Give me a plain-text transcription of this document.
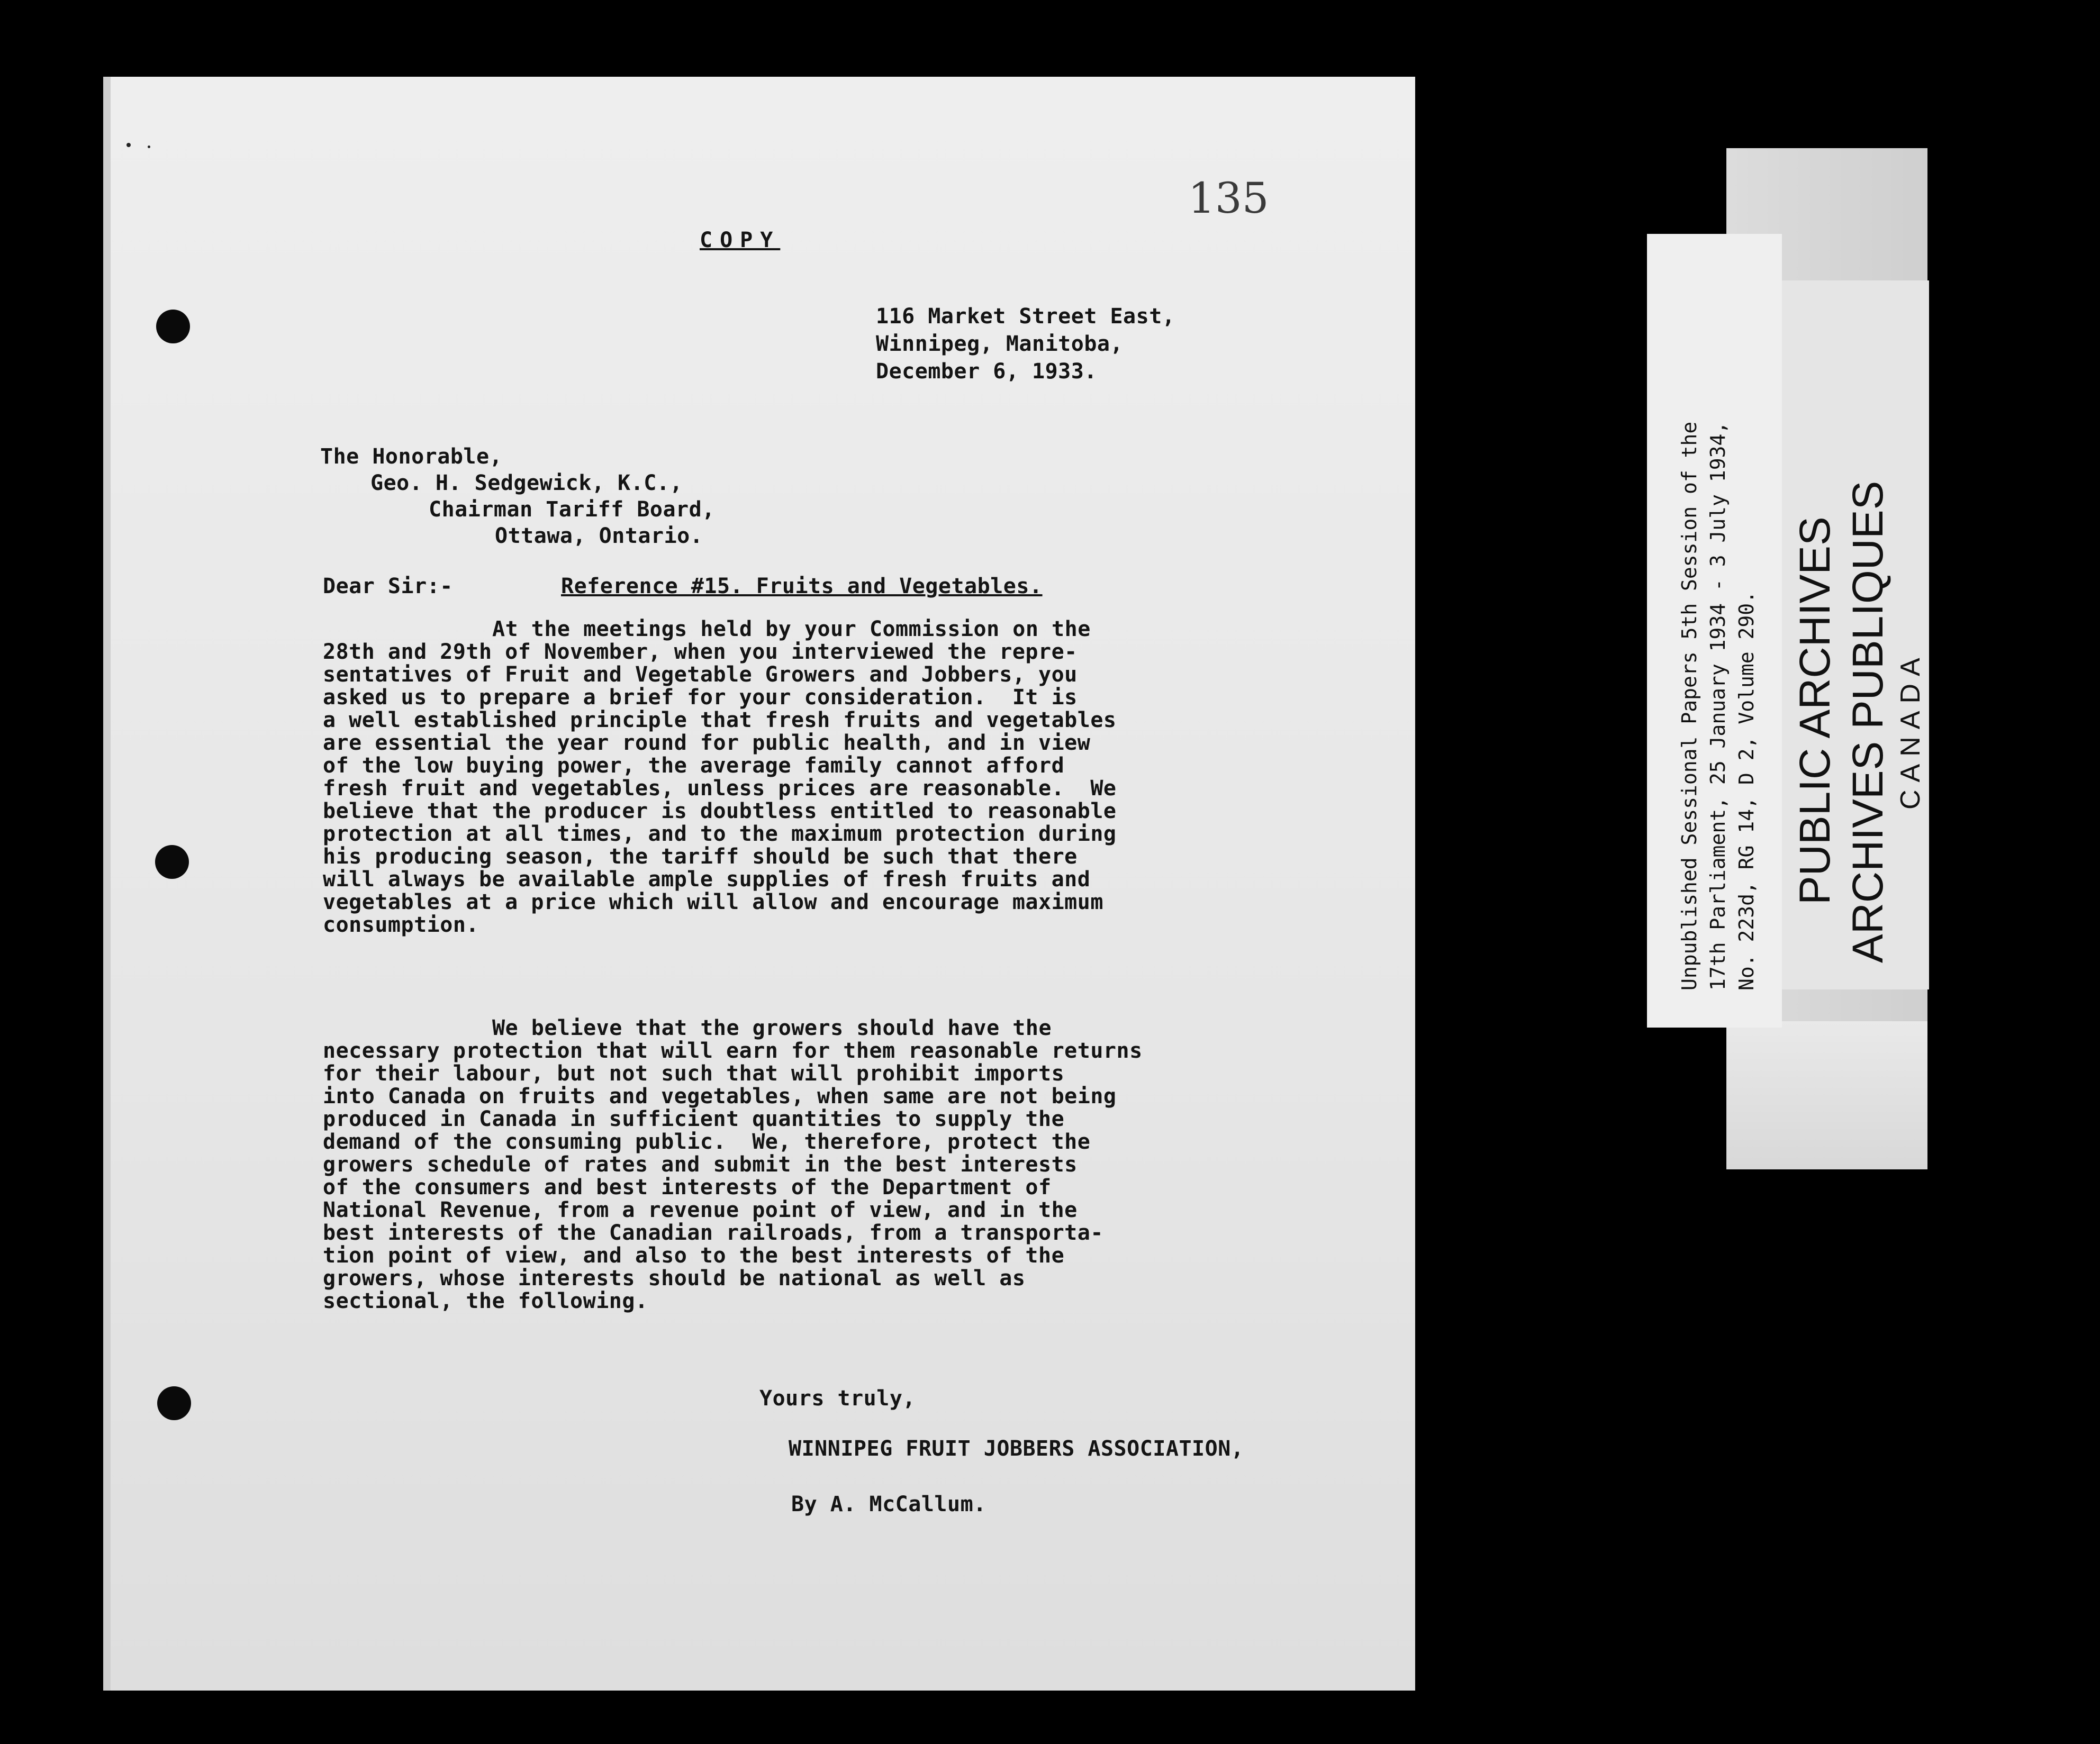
135
COPY
116 Market Street East,
Winnipeg, Manitoba,
December 6, 1933.
The Honorable,
Geo. H. Sedgewick, K.C.,
Chairman Tariff Board,
Ottawa, Ontario.
Dear Sir:-	Reference #15. Fruits and Vegetables.
At the meetings held by your Commission on the
28th and 29th of November, when you interviewed the repre-
sentatives of Fruit and Vegetable Growers and Jobbers, you
asked us to prepare a brief for your consideration.  It is
a well established principle that fresh fruits and vegetables
are essential the year round for public health, and in view
of the low buying power, the average family cannot afford
fresh fruit and vegetables, unless prices are reasonable.  We
believe that the producer is doubtless entitled to reasonable
protection at all times, and to the maximum protection during
his producing season, the tariff should be such that there
will always be available ample supplies of fresh fruits and
vegetables at a price which will allow and encourage maximum
consumption.
We believe that the growers should have the
necessary protection that will earn for them reasonable returns
for their labour, but not such that will prohibit imports
into Canada on fruits and vegetables, when same are not being
produced in Canada in sufficient quantities to supply the
demand of the consuming public.  We, therefore, protect the
growers schedule of rates and submit in the best interests
of the consumers and best interests of the Department of
National Revenue, from a revenue point of view, and in the
best interests of the Canadian railroads, from a transporta-
tion point of view, and also to the best interests of the
growers, whose interests should be national as well as
sectional, the following.
Yours truly,
WINNIPEG FRUIT JOBBERS ASSOCIATION,
By A. McCallum.
PUBLIC ARCHIVES ARCHIVES PUBLIQUES CANADA
Unpublished Sessional Papers 5th Session of the 17th Parliament, 25 January 1934 - 3 July 1934, No. 223d, RG 14, D 2, Volume 290.
